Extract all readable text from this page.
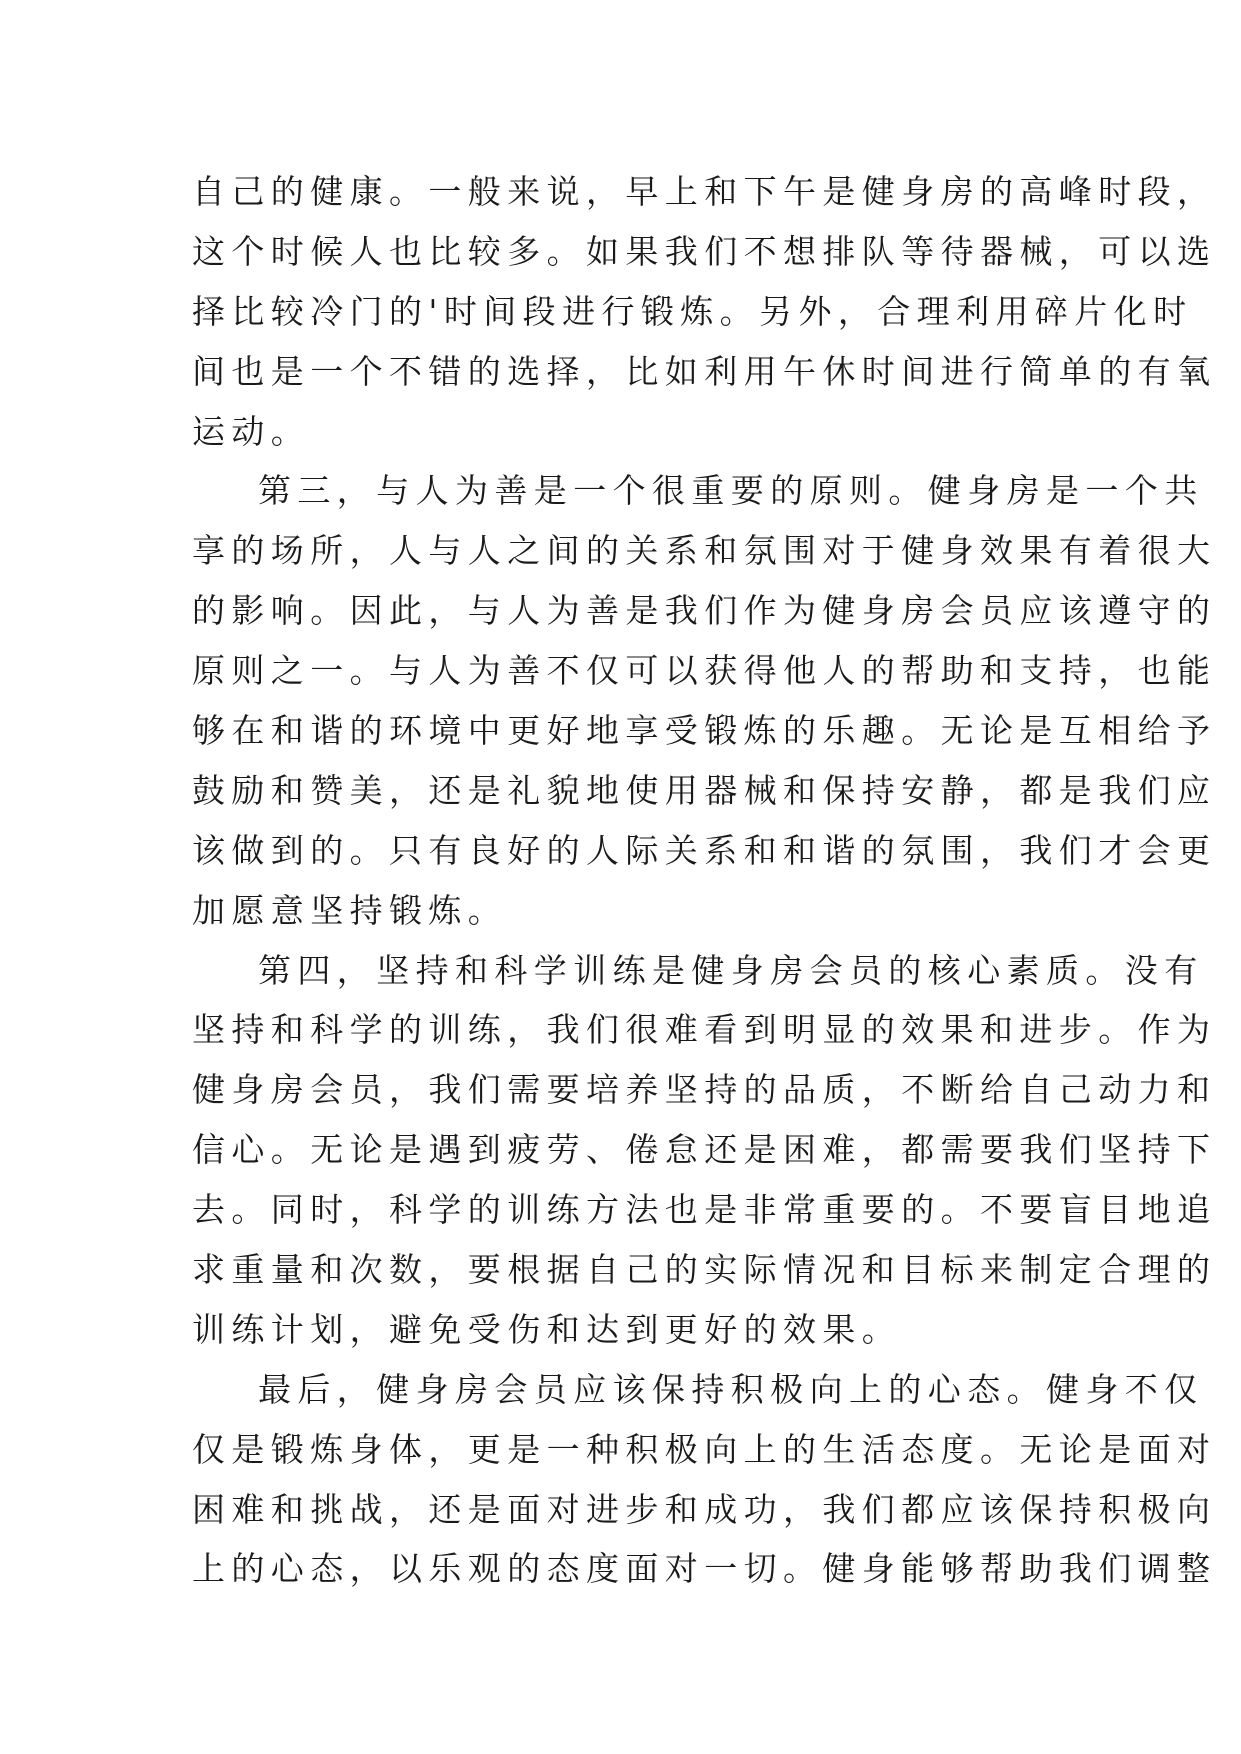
自己的健康。一般来说，早上和下午是健身房的高峰时段，
这个时候人也比较多。如果我们不想排队等待器械，可以选
择比较冷门的'时间段进行锻炼。另外，合理利用碎片化时
间也是一个不错的选择，比如利用午休时间进行简单的有氧
运动。
第三，与人为善是一个很重要的原则。健身房是一个共
享的场所，人与人之间的关系和氛围对于健身效果有着很大
的影响。因此，与人为善是我们作为健身房会员应该遵守的
原则之一。与人为善不仅可以获得他人的帮助和支持，也能
够在和谐的环境中更好地享受锻炼的乐趣。无论是互相给予
鼓励和赞美，还是礼貌地使用器械和保持安静，都是我们应
该做到的。只有良好的人际关系和和谐的氛围，我们才会更
加愿意坚持锻炼。
第四，坚持和科学训练是健身房会员的核心素质。没有
坚持和科学的训练，我们很难看到明显的效果和进步。作为
健身房会员，我们需要培养坚持的品质，不断给自己动力和
信心。无论是遇到疲劳、倦怠还是困难，都需要我们坚持下
去。同时，科学的训练方法也是非常重要的。不要盲目地追
求重量和次数，要根据自己的实际情况和目标来制定合理的
训练计划，避免受伤和达到更好的效果。
最后，健身房会员应该保持积极向上的心态。健身不仅
仅是锻炼身体，更是一种积极向上的生活态度。无论是面对
困难和挑战，还是面对进步和成功，我们都应该保持积极向
上的心态，以乐观的态度面对一切。健身能够帮助我们调整
